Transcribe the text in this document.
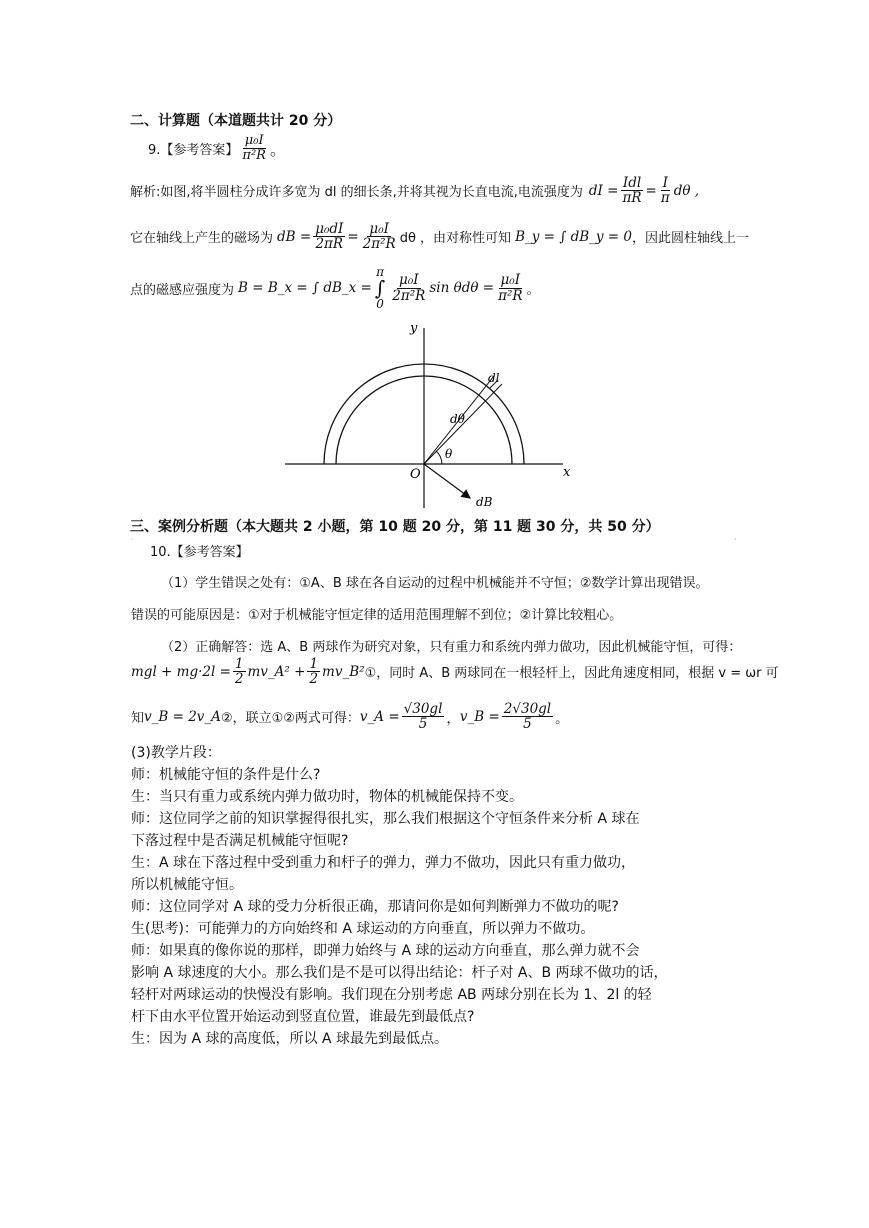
二、计算题（本道题共计 20 分）
9.【参考答案】 $\frac{\text{μ₀I}}{\text{π²R}}$ 。
解析:如图,将半圆柱分成许多宽为 dl 的细长条,并将其视为长直电流,电流强度为 dI = $\frac{\text{Idl}}{\pi R} = \frac{I}{\pi}$ dθ ,
它在轴线上产生的磁场为 dB = $\frac{\text{μ₀dI}}{2\pi R} = \frac{\text{μ₀I}}{\text{2π²R}}$ dθ ，由对称性可知 B_y = ∫ dB_y = 0 ，因此圆柱轴线上一
点的磁感应强度为 B = B_x = ∫ dB_x =
π
∫
0
$\frac{\text{μ₀I}}{\text{2π²R}}$ $\sin \theta d\theta = \frac{\text{μ₀I}}{\text{π²R}}$ 。
y
x
O
dl
dθ
θ
dB
三、案例分析题（本大题共 2 小题，第 10 题 20 分，第 11 题 30 分，共 50 分）
·	·
10.【参考答案】
（1）学生错误之处有：①A、B 球在各自运动的过程中机械能并不守恒；②数学计算出现错误。
错误的可能原因是：①对于机械能守恒定律的适用范围理解不到位；②计算比较粗心。
（2）正确解答：选 A、B 两球作为研究对象，只有重力和系统内弹力做功，因此机械能守恒，可得：
mgl + $mg\cdot 2l = \frac{1}{2}$ mv_A² + $\frac{1}{2}$ mv_B² ①，同时 A、B 两球同在一根轻杆上，因此角速度相同，根据 v = ωr 可
知 v_B = 2v_A ②，联立①②两式可得： v_A = $\frac{√30gl}{5}$ ， v_B = $\frac{2√30gl}{5}$ 。
(3)教学片段：
师：机械能守恒的条件是什么?
生：当只有重力或系统内弹力做功时，物体的机械能保持不变。
师：这位同学之前的知识掌握得很扎实，那么我们根据这个守恒条件来分析 A 球在
下落过程中是否满足机械能守恒呢?
生：A 球在下落过程中受到重力和杆子的弹力，弹力不做功，因此只有重力做功，
所以机械能守恒。
师：这位同学对 A 球的受力分析很正确，那请问你是如何判断弹力不做功的呢?
生(思考)：可能弹力的方向始终和 A 球运动的方向垂直，所以弹力不做功。
师：如果真的像你说的那样，即弹力始终与 A 球的运动方向垂直，那么弹力就不会
影响 A 球速度的大小。那么我们是不是可以得出结论：杆子对 A、B 两球不做功的话，
轻杆对两球运动的快慢没有影响。我们现在分别考虑 AB 两球分别在长为 1、2l 的轻
杆下由水平位置开始运动到竖直位置，谁最先到最低点?
生：因为 A 球的高度低，所以 A 球最先到最低点。
